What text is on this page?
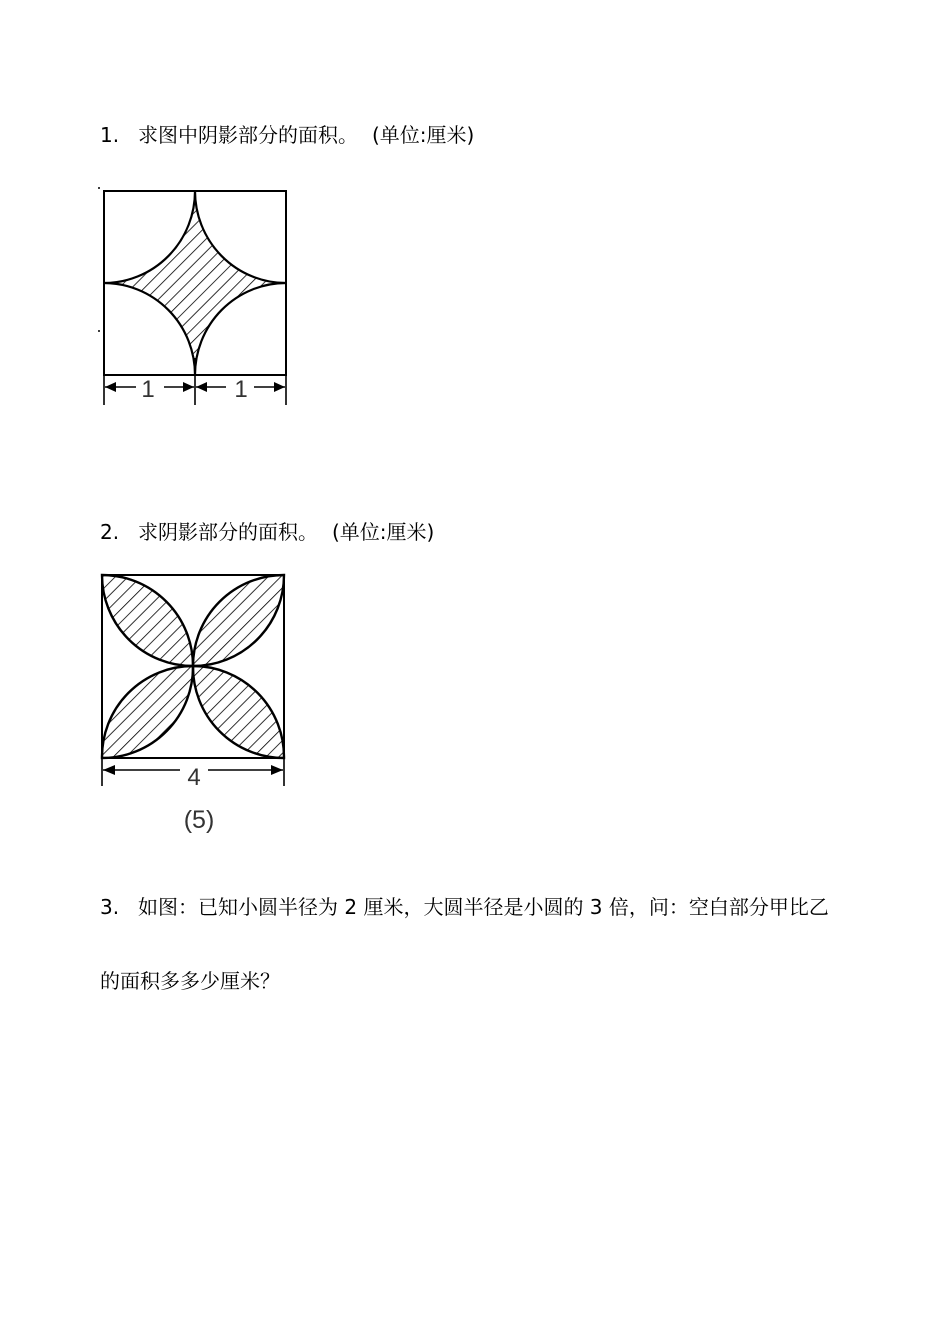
1. 求图中阴影部分的面积。 (单位:厘米)
1	1
2. 求阴影部分的面积。 (单位:厘米)
4
(5)
3. 如图：已知小圆半径为 2 厘米，大圆半径是小圆的 3 倍，问：空白部分甲比乙
的面积多多少厘米？
